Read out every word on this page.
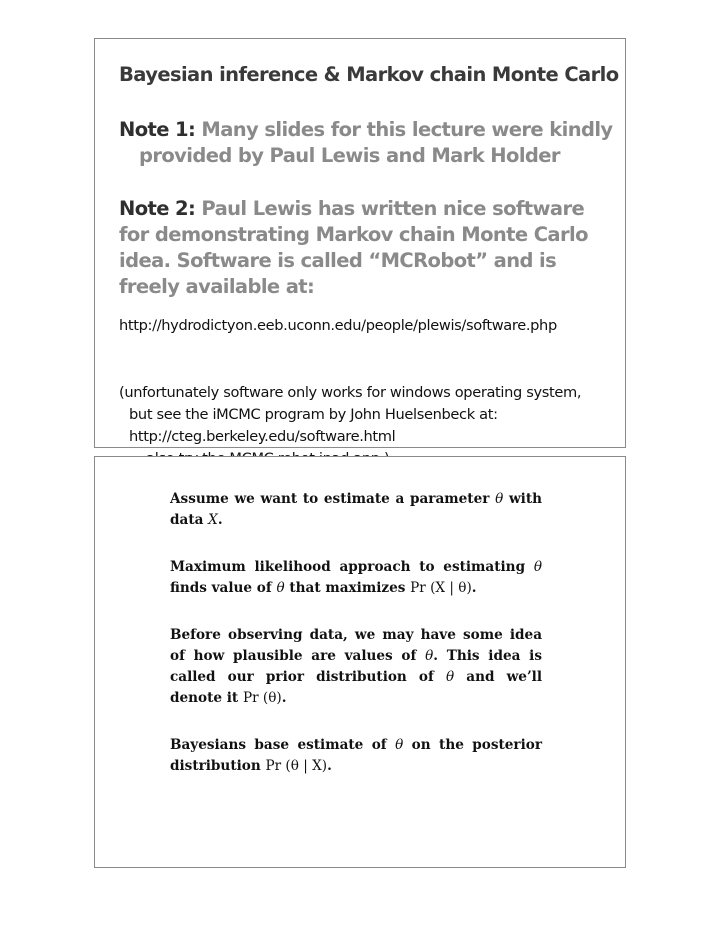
Bayesian inference & Markov chain Monte Carlo
Note 1: Many slides for this lecture were kindly
provided by Paul Lewis and Mark Holder
Note 2: Paul Lewis has written nice software
for demonstrating Markov chain Monte Carlo
idea. Software is called “MCRobot” and is
freely available at:
http://hydrodictyon.eeb.uconn.edu/people/plewis/software.php
(unfortunately software only works for windows operating system,
but see the iMCMC program by John Huelsenbeck at:
http://cteg.berkeley.edu/software.html

Assume we want to estimate a parameter θ with data X.

Maximum likelihood approach to estimating θ finds value of θ that maximizes Pr (X | θ).

Before observing data, we may have some idea of how plausible are values of θ. This idea is called our prior distribution of θ and we’ll denote it Pr (θ).

Bayesians base estimate of θ on the posterior distribution Pr (θ | X).
